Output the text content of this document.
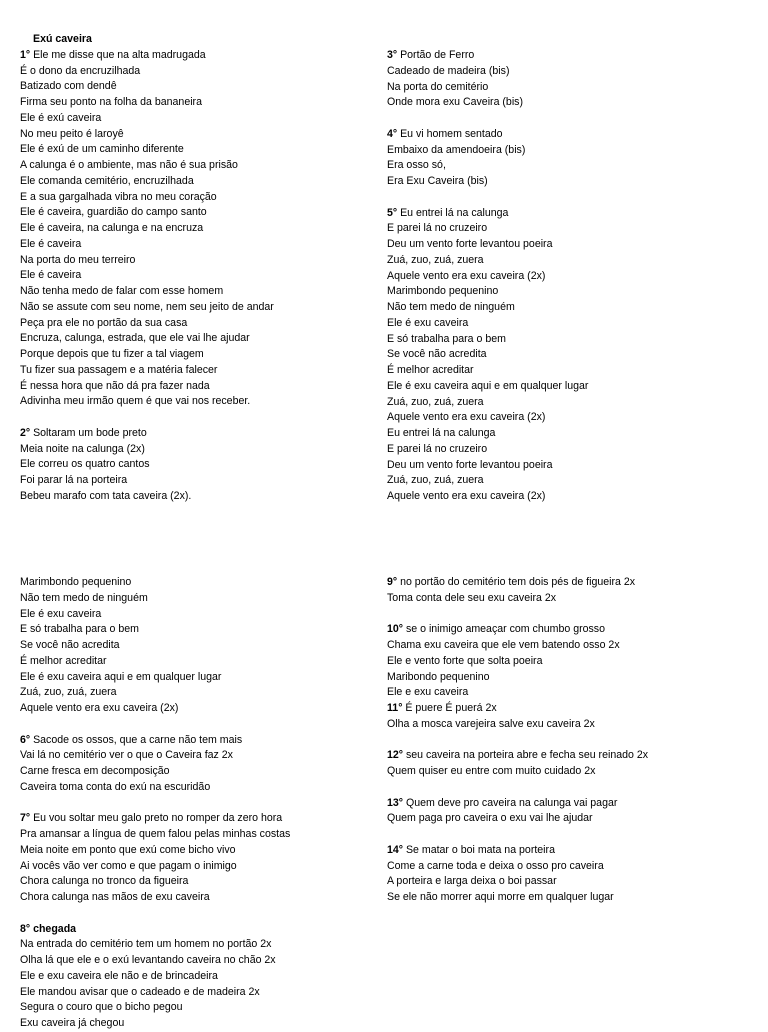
Exú caveira
1° Ele me disse que na alta madrugada
É o dono da encruzilhada
Batizado com dendê
Firma seu ponto na folha da bananeira
Ele é exú caveira
No meu peito é laroyê
Ele é exú de um caminho diferente
A calunga é o ambiente, mas não é sua prisão
Ele comanda cemitério, encruzilhada
E a sua gargalhada vibra no meu coração
Ele é caveira, guardião do campo santo
Ele é caveira, na calunga e na encruza
Ele é caveira
Na porta do meu terreiro
Ele é caveira
Não tenha medo de falar com esse homem
Não se assute com seu nome, nem seu jeito de andar
Peça pra ele no portão da sua casa
Encruza, calunga, estrada, que ele vai lhe ajudar
Porque depois que tu fizer a tal viagem
Tu fizer sua passagem e a matéria falecer
É nessa hora que não dá pra fazer nada
Adivinha meu irmão quem é que vai nos receber.
2° Soltaram um bode preto
Meia noite na calunga (2x)
Ele correu os quatro cantos
Foi parar lá na porteira
Bebeu marafo com tata caveira (2x).
3° Portão de Ferro
Cadeado de madeira (bis)
Na porta do cemitério
Onde mora exu Caveira (bis)
4° Eu vi homem sentado
Embaixo da amendoeira (bis)
Era osso só,
Era Exu Caveira (bis)
5° Eu entrei lá na calunga
E parei lá no cruzeiro
Deu um vento forte levantou poeira
Zuá, zuo, zuá, zuera
Aquele vento era exu caveira (2x)
Marimbondo pequenino
Não tem medo de ninguém
Ele é exu caveira
E só trabalha para o bem
Se você não acredita
É melhor acreditar
Ele é exu caveira aqui e em qualquer lugar
Zuá, zuo, zuá, zuera
Aquele vento era exu caveira (2x)
Eu entrei lá na calunga
E parei lá no cruzeiro
Deu um vento forte levantou poeira
Zuá, zuo, zuá, zuera
Aquele vento era exu caveira (2x)
Marimbondo pequenino
Não tem medo de ninguém
Ele é exu caveira
E só trabalha para o bem
Se você não acredita
É melhor acreditar
Ele é exu caveira aqui e em qualquer lugar
Zuá, zuo, zuá, zuera
Aquele vento era exu caveira (2x)
6° Sacode os ossos, que a carne não tem mais
Vai lá no cemitério ver o que o Caveira faz 2x
Carne fresca em decomposição
Caveira toma conta do exú na escuridão
7° Eu vou soltar meu galo preto no romper da zero hora
Pra amansar a língua de quem falou pelas minhas costas
Meia noite em ponto que exú come bicho vivo
Ai vocês vão ver como e que pagam o inimigo
Chora calunga no tronco da figueira
Chora calunga nas mãos de exu caveira
8° chegada
Na entrada do cemitério tem um homem no portão 2x
Olha lá que ele e o exú levantando caveira no chão 2x
Ele e exu caveira ele não e de brincadeira
Ele mandou avisar que o cadeado e de madeira 2x
Segura o couro que o bicho pegou
Exu caveira já chegou
9° no portão do cemitério tem dois pés de figueira 2x
Toma conta dele seu exu caveira 2x
10° se o inimigo ameaçar com chumbo grosso
Chama exu caveira que ele vem batendo osso 2x
Ele e vento forte que solta poeira
Maribondo pequenino
Ele e exu caveira
11° É puere É puerá 2x
Olha a mosca varejeira salve exu caveira 2x
12° seu caveira na porteira abre e fecha seu reinado 2x
Quem quiser eu entre com muito cuidado 2x
13° Quem deve pro caveira na calunga vai pagar
Quem paga pro caveira o exu vai lhe ajudar
14° Se matar o boi mata na porteira
Come a carne toda e deixa o osso pro caveira
A porteira e larga deixa o boi passar
Se ele não morrer aqui morre em qualquer lugar
